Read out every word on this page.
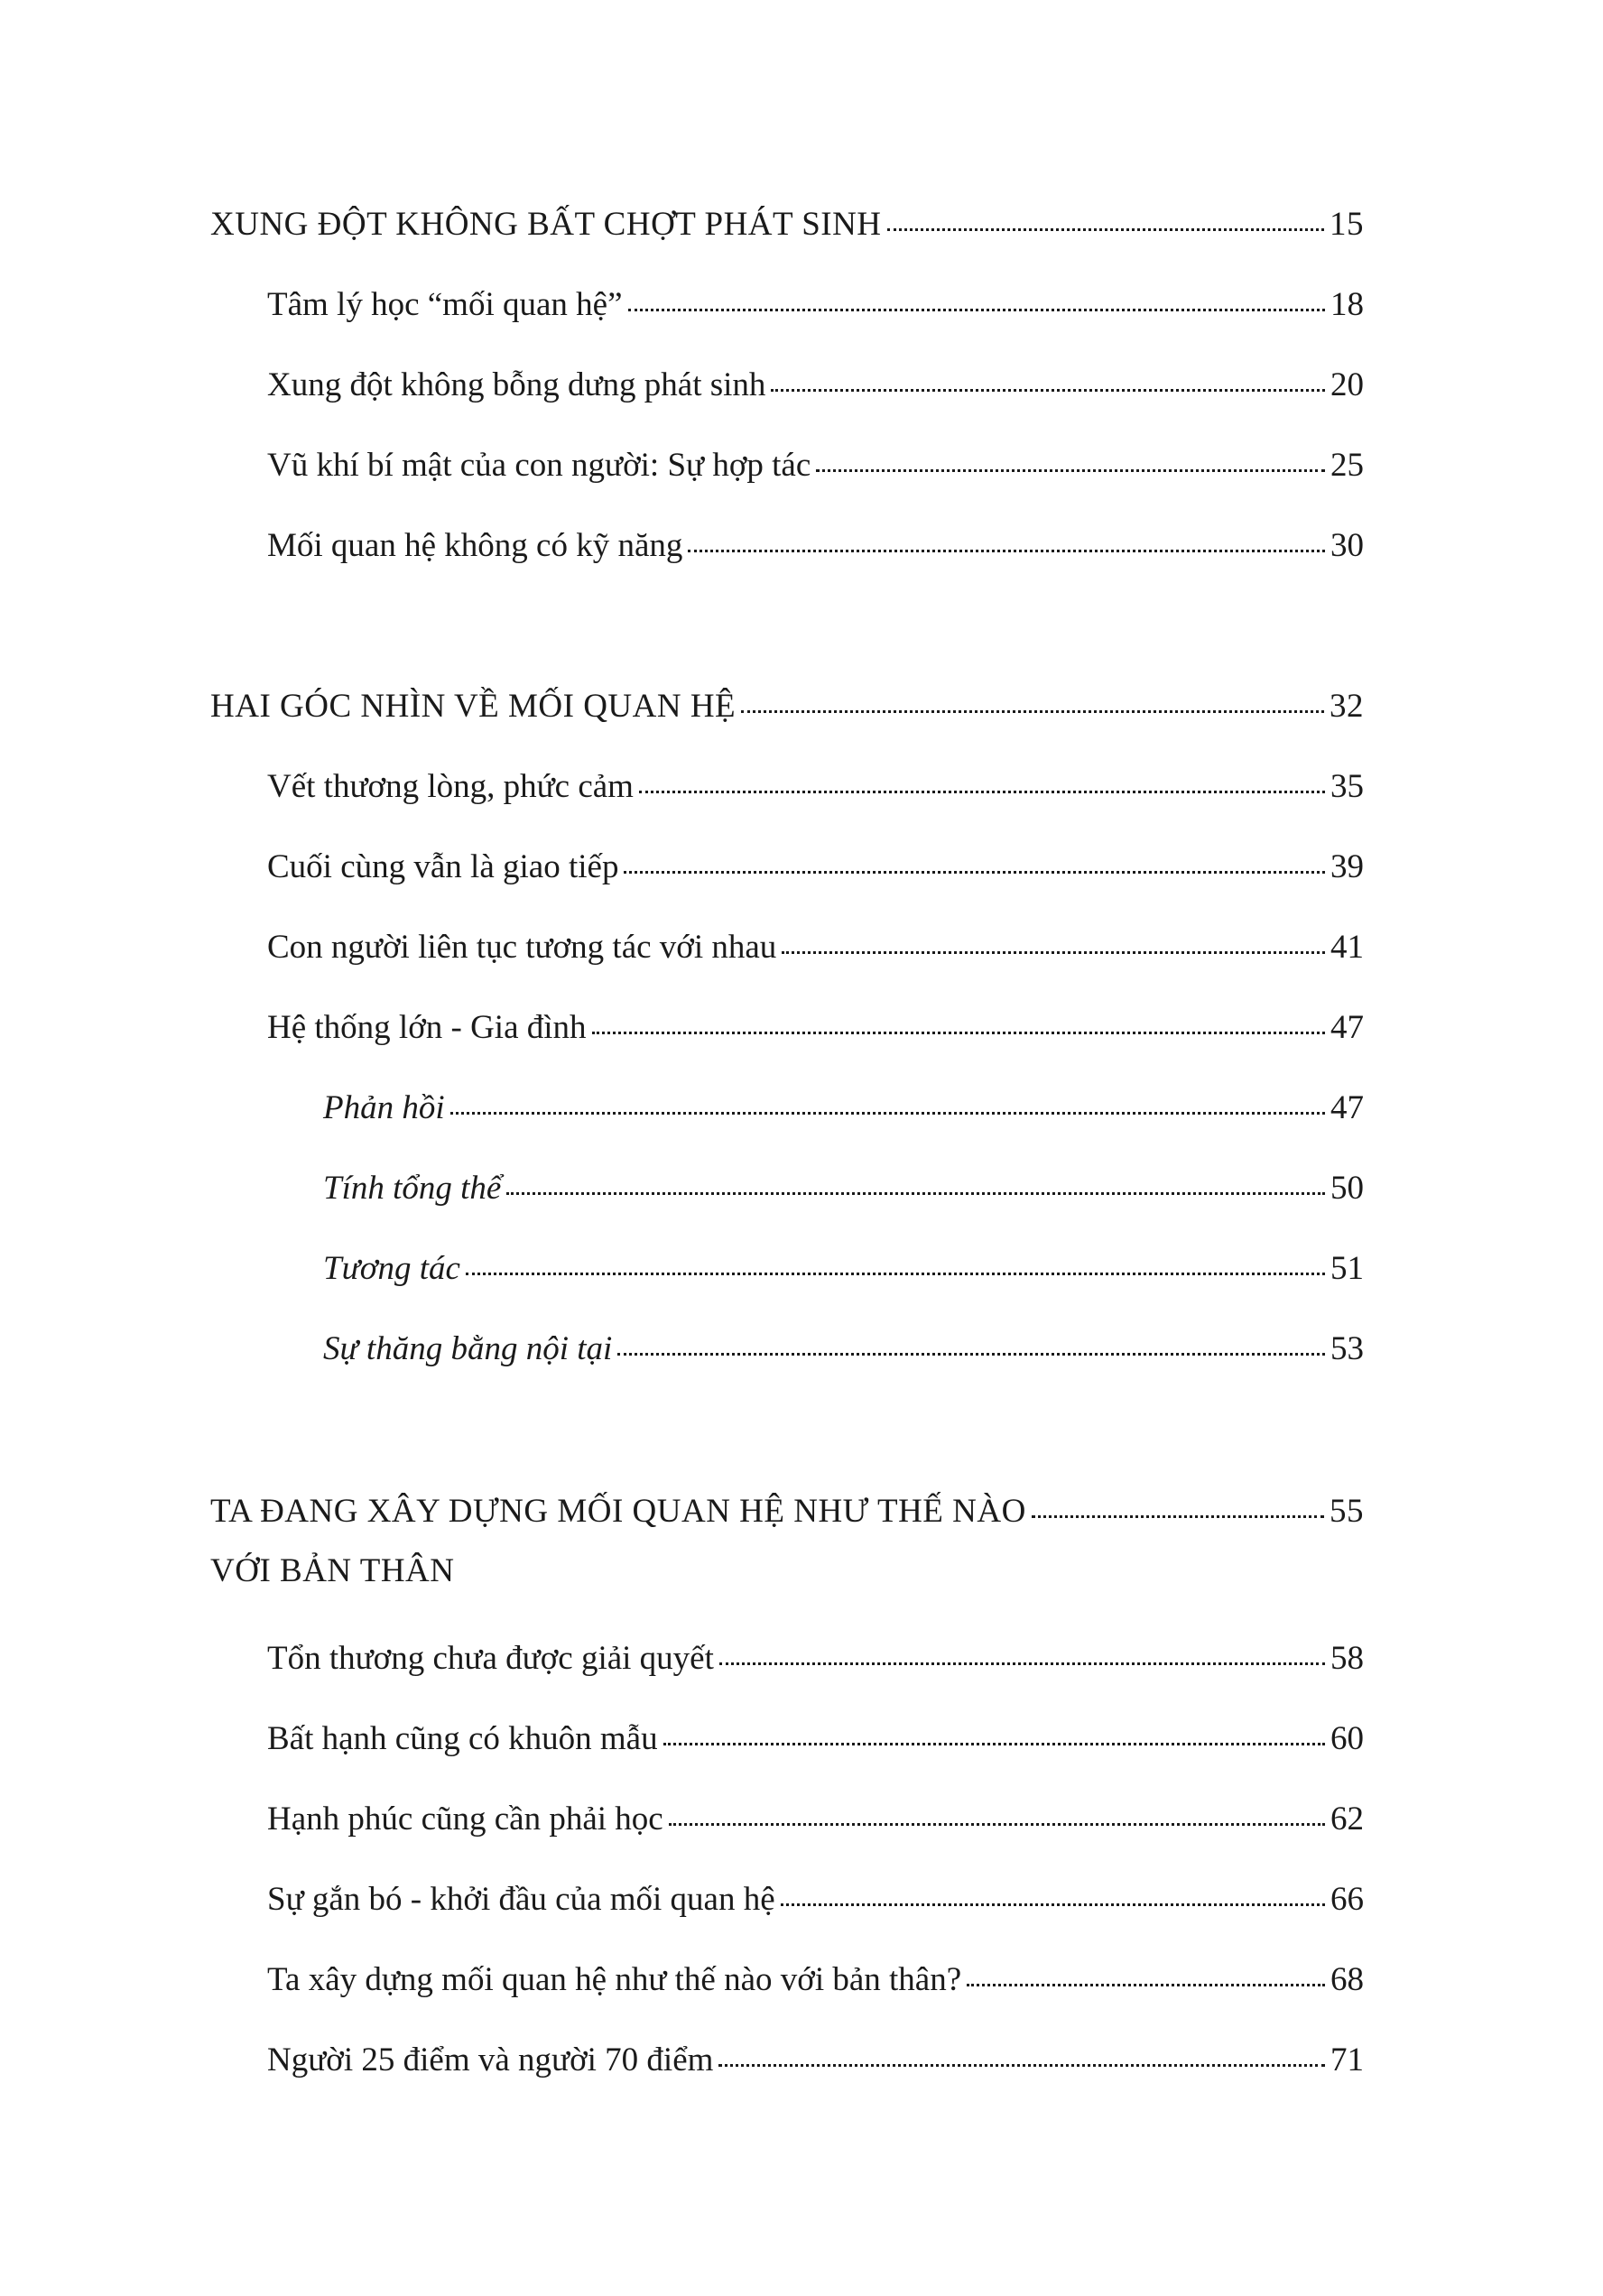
XUNG ĐỘT KHÔNG BẤT CHỢT PHÁT SINH	15
Tâm lý học “mối quan hệ”	18
Xung đột không bỗng dưng phát sinh	20
Vũ khí bí mật của con người: Sự hợp tác	25
Mối quan hệ không có kỹ năng	30
HAI GÓC NHÌN VỀ MỐI QUAN HỆ	32
Vết thương lòng, phức cảm	35
Cuối cùng vẫn là giao tiếp	39
Con người liên tục tương tác với nhau	41
Hệ thống lớn - Gia đình	47
Phản hồi	47
Tính tổng thể	50
Tương tác	51
Sự thăng bằng nội tại	53
TA ĐANG XÂY DỰNG MỐI QUAN HỆ NHƯ THẾ NÀO	55
VỚI BẢN THÂN
Tổn thương chưa được giải quyết	58
Bất hạnh cũng có khuôn mẫu	60
Hạnh phúc cũng cần phải học	62
Sự gắn bó - khởi đầu của mối quan hệ	66
Ta xây dựng mối quan hệ như thế nào với bản thân?	68
Người 25 điểm và người 70 điểm	71
